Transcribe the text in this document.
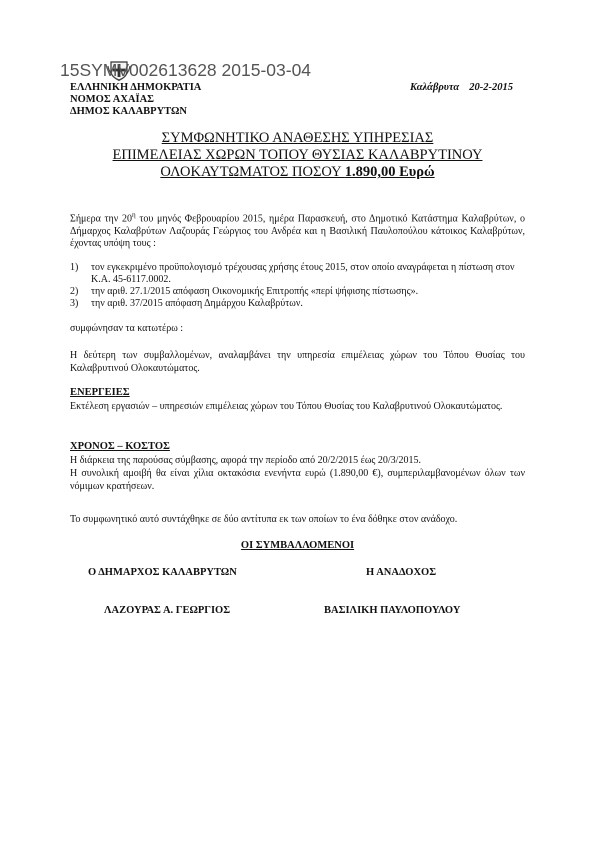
ΕΛΛΗΝΙΚΗ ΔΗΜΟΚΡΑΤΙΑ
ΝΟΜΟΣ ΑΧΑΪΑΣ
ΔΗΜΟΣ ΚΑΛΑΒΡΥΤΩΝ
Καλάβρυτα 20-2-2015
15SYMV002613628 2015-03-04
ΣΥΜΦΩΝΗΤΙΚΟ ΑΝΑΘΕΣΗΣ ΥΠΗΡΕΣΙΑΣ
ΕΠΙΜΕΛΕΙΑΣ ΧΩΡΩΝ ΤΟΠΟΥ ΘΥΣΙΑΣ ΚΑΛΑΒΡΥΤΙΝΟΥ
ΟΛΟΚΑΥΤΩΜΑΤΟΣ ΠΟΣΟΥ 1.890,00 Ευρώ
Σήμερα την $20^\eta$ του μηνός Φεβρουαρίου 2015, ημέρα Παρασκευή, στο Δημοτικό Κατάστημα Καλαβρύτων, ο Δήμαρχος Καλαβρύτων Λαζουράς Γεώργιος του Ανδρέα και η Βασιλική Παυλοπούλου κάτοικος Καλαβρύτων, έχοντας υπόψη τους :
1)	τον εγκεκριμένο προϋπολογισμό τρέχουσας χρήσης έτους 2015, στον οποίο αναγράφεται η πίστωση στον Κ.Α. 45-6117.0002.
2)	την αριθ. 27.1/2015 απόφαση Οικονομικής Επιτροπής «περί ψήφισης πίστωσης».
3)	την αριθ. 37/2015 απόφαση Δημάρχου Καλαβρύτων.
συμφώνησαν τα κατωτέρω :
Η δεύτερη των συμβαλλομένων, αναλαμβάνει την υπηρεσία επιμέλειας χώρων του Τόπου Θυσίας του Καλαβρυτινού Ολοκαυτώματος.
ΕΝΕΡΓΕΙΕΣ
Εκτέλεση εργασιών – υπηρεσιών επιμέλειας χώρων του Τόπου Θυσίας του Καλαβρυτινού Ολοκαυτώματος.
ΧΡΟΝΟΣ – ΚΟΣΤΟΣ
Η διάρκεια της παρούσας σύμβασης, αφορά την περίοδο από 20/2/2015 έως 20/3/2015.
Η συνολική αμοιβή θα είναι χίλια οκτακόσια ενενήντα ευρώ (1.890,00 €), συμπεριλαμβανομένων όλων των νόμιμων κρατήσεων.
Το συμφωνητικό αυτό συντάχθηκε σε δύο αντίτυπα εκ των οποίων το ένα δόθηκε στον ανάδοχο.
ΟΙ ΣΥΜΒΑΛΛΟΜΕΝΟΙ
Ο ΔΗΜΑΡΧΟΣ ΚΑΛΑΒΡΥΤΩΝ	Η ΑΝΑΔΟΧΟΣ
ΛΑΖΟΥΡΑΣ Α. ΓΕΩΡΓΙΟΣ	ΒΑΣΙΛΙΚΗ ΠΑΥΛΟΠΟΥΛΟΥ
